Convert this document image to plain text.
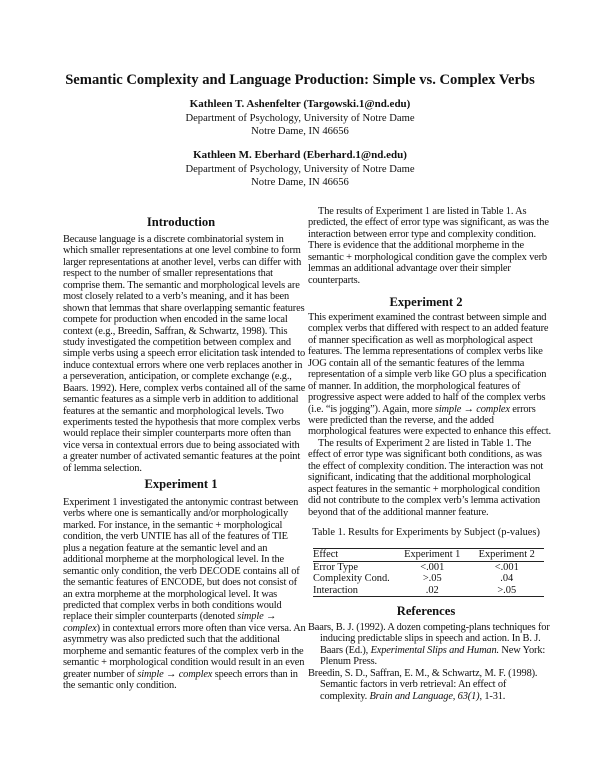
Semantic Complexity and Language Production: Simple vs. Complex Verbs
Kathleen T. Ashenfelter (Targowski.1@nd.edu)
Department of Psychology, University of Notre Dame
Notre Dame, IN 46656
Kathleen M. Eberhard (Eberhard.1@nd.edu)
Department of Psychology, University of Notre Dame
Notre Dame, IN 46656
Introduction
Because language is a discrete combinatorial system in
which smaller representations at one level combine to form
larger representations at another level, verbs can differ with
respect to the number of smaller representations that
comprise them. The semantic and morphological levels are
most closely related to a verb’s meaning, and it has been
shown that lemmas that share overlapping semantic features
compete for production when encoded in the same local
context (e.g., Breedin, Saffran, & Schwartz, 1998). This
study investigated the competition between complex and
simple verbs using a speech error elicitation task intended to
induce contextual errors where one verb replaces another in
a perseveration, anticipation, or complete exchange (e.g.,
Baars. 1992). Here, complex verbs contained all of the same
semantic features as a simple verb in addition to additional
features at the semantic and morphological levels. Two
experiments tested the hypothesis that more complex verbs
would replace their simpler counterparts more often than
vice versa in contextual errors due to being associated with
a greater number of activated semantic features at the point
of lemma selection.
Experiment 1
Experiment 1 investigated the antonymic contrast between
verbs where one is semantically and/or morphologically
marked. For instance, in the semantic + morphological
condition, the verb UNTIE has all of the features of TIE
plus a negation feature at the semantic level and an
additional morpheme at the morphological level. In the
semantic only condition, the verb DECODE contains all of
the semantic features of ENCODE, but does not consist of
an extra morpheme at the morphological level. It was
predicted that complex verbs in both conditions would
replace their simpler counterparts (denoted simple →
complex) in contextual errors more often than vice versa. An
asymmetry was also predicted such that the additional
morpheme and semantic features of the complex verb in the
semantic + morphological condition would result in an even
greater number of simple → complex speech errors than in
the semantic only condition.
The results of Experiment 1 are listed in Table 1. As
predicted, the effect of error type was significant, as was the
interaction between error type and complexity condition.
There is evidence that the additional morpheme in the
semantic + morphological condition gave the complex verb
lemmas an additional advantage over their simpler
counterparts.
Experiment 2
This experiment examined the contrast between simple and
complex verbs that differed with respect to an added feature
of manner specification as well as morphological aspect
features. The lemma representations of complex verbs like
JOG contain all of the semantic features of the lemma
representation of a simple verb like GO plus a specification
of manner. In addition, the morphological features of
progressive aspect were added to half of the complex verbs
(i.e. “is jogging”). Again, more simple → complex errors
were predicted than the reverse, and the added
morphological features were expected to enhance this effect.
The results of Experiment 2 are listed in Table 1. The
effect of error type was significant both conditions, as was
the effect of complexity condition. The interaction was not
significant, indicating that the additional morphological
aspect features in the semantic + morphological condition
did not contribute to the complex verb’s lemma activation
beyond that of the additional manner feature.
Table 1. Results for Experiments by Subject (p-values)
Effect	Experiment 1	Experiment 2
Error Type	<.001	<.001
Complexity Cond.	>.05	.04
Interaction	.02	>.05
References
Baars, B. J. (1992). A dozen competing-plans techniques for
inducing predictable slips in speech and action. In B. J.
Baars (Ed.), Experimental Slips and Human. New York:
Plenum Press.
Breedin, S. D., Saffran, E. M., & Schwartz, M. F. (1998).
Semantic factors in verb retrieval: An effect of
complexity. Brain and Language, 63(1), 1-31.
